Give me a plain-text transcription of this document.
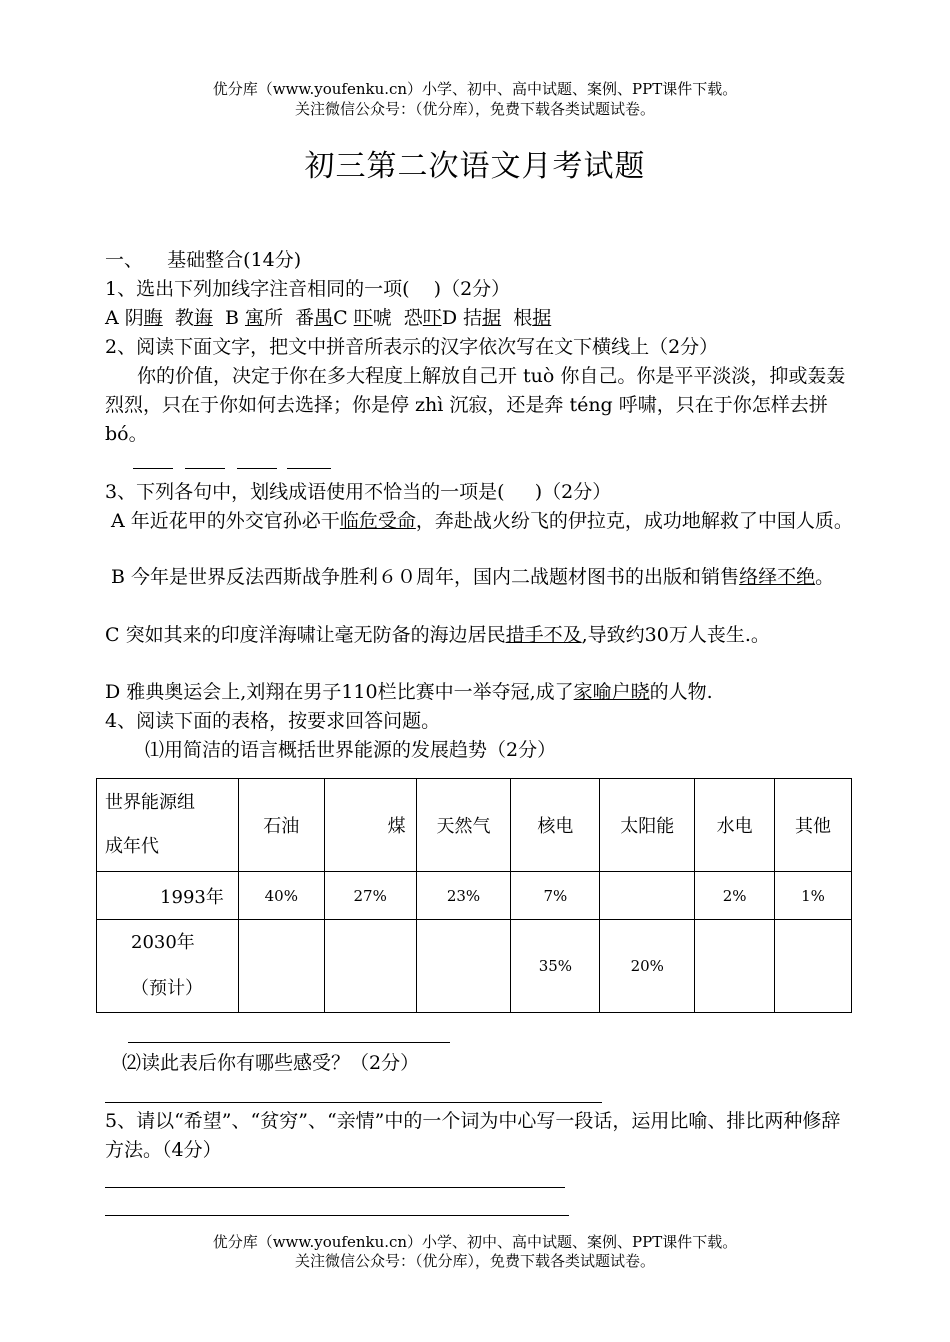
优分库（www.youfenku.cn）小学、初中、高中试题、案例、PPT课件下载。
关注微信公众号：（优分库），免费下载各类试题试卷。
初三第二次语文月考试题
一、    基础整合(14分)
1、选出下列加线字注音相同的一项(    )（2分）
A 阴晦  教诲  B 寓所  番禺C 吓唬  恐吓D 拮据  根据
2、阅读下面文字，把文中拼音所表示的汉字依次写在文下横线上（2分）
你的价值，决定于你在多大程度上解放自己开 tuò 你自己。你是平平淡淡，抑或轰轰烈烈，只在于你如何去选择；你是停 zhì 沉寂，还是奔 téng 呼啸，只在于你怎样去拼 bó。
3、下列各句中，划线成语使用不恰当的一项是(     )（2分）
A 年近花甲的外交官孙必干临危受命，奔赴战火纷飞的伊拉克，成功地解救了中国人质。
B 今年是世界反法西斯战争胜利６０周年，国内二战题材图书的出版和销售络绎不绝。
C 突如其来的印度洋海啸让毫无防备的海边居民措手不及,导致约30万人丧生.。
D 雅典奥运会上,刘翔在男子110栏比赛中一举夺冠,成了家喻户晓的人物.
4、阅读下面的表格，按要求回答问题。
⑴用简洁的语言概括世界能源的发展趋势（2分）
世界能源组
成年代	石油	煤	天然气	核电	太阳能	水电	其他
1993年	40%	27%	23%	7%		2%	1%

2030年
（预计）				35%	20%		
⑵读此表后你有哪些感受？（2分）
5、请以“希望”、“贫穷”、“亲情”中的一个词为中心写一段话，运用比喻、排比两种修辞方法。（4分）
优分库（www.youfenku.cn）小学、初中、高中试题、案例、PPT课件下载。
关注微信公众号：（优分库），免费下载各类试题试卷。
